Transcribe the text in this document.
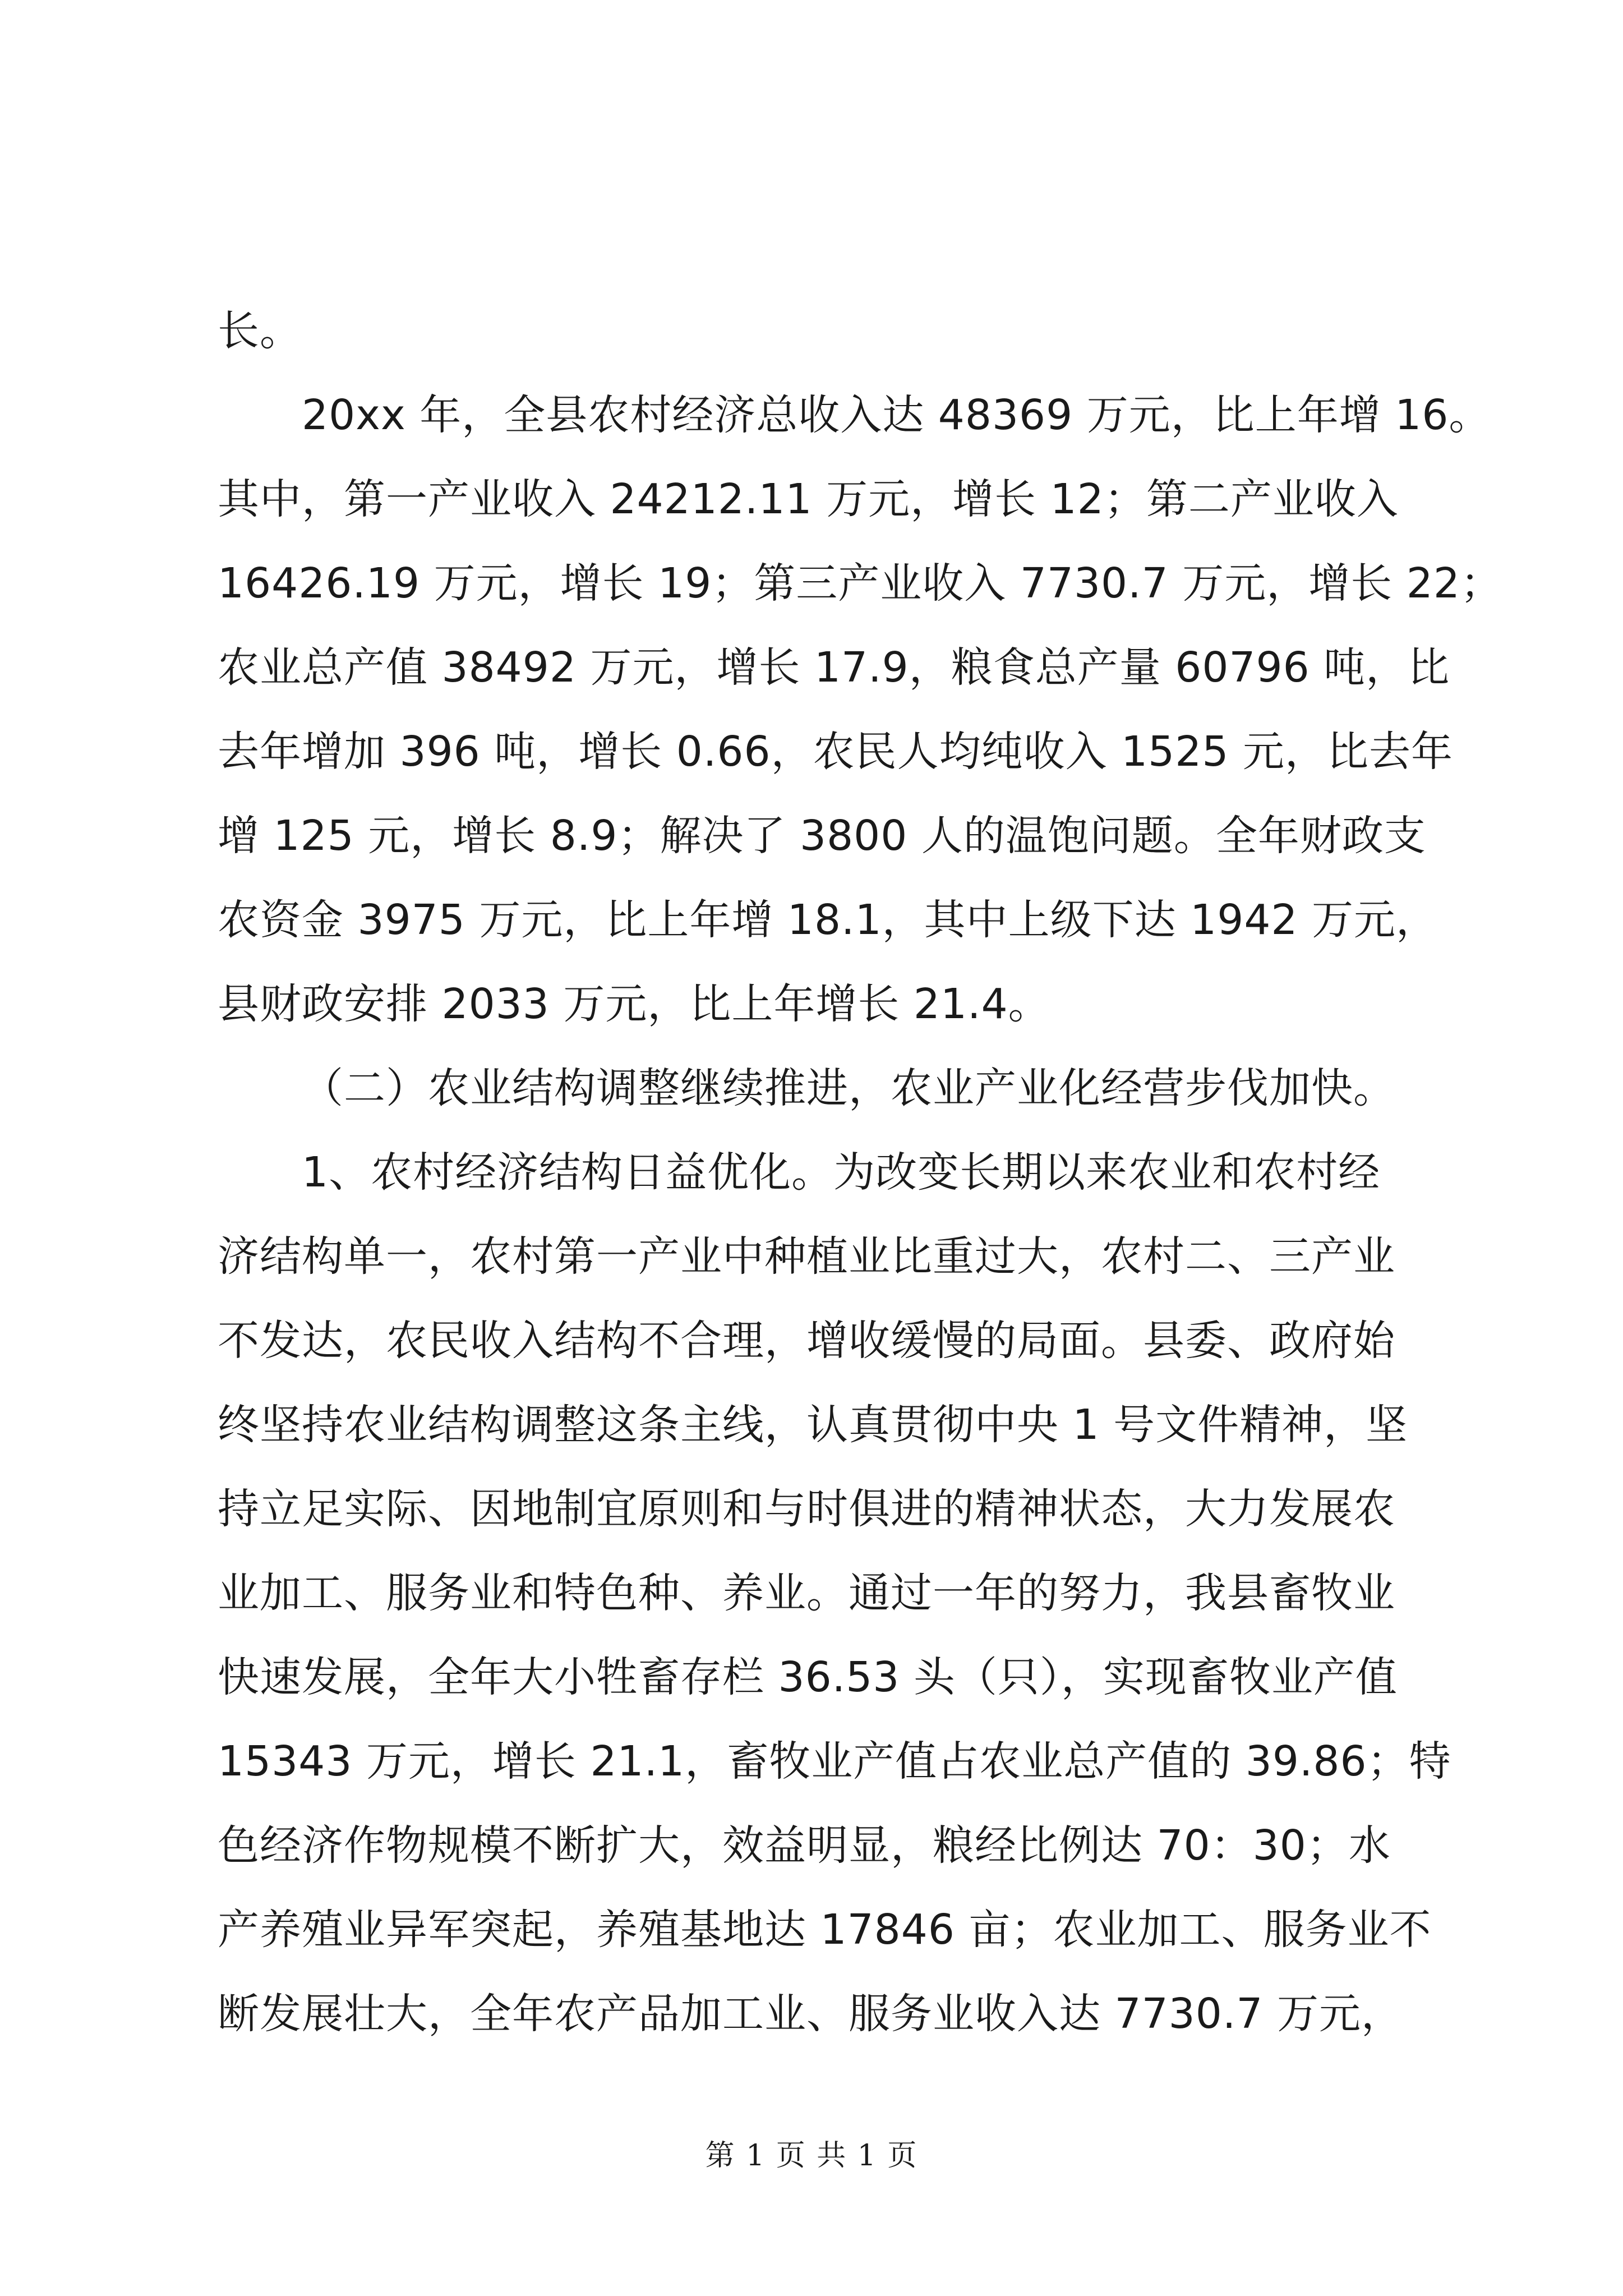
长。
20xx 年，全县农村经济总收入达 48369 万元，比上年增 16。
其中，第一产业收入 24212.11 万元，增长 12；第二产业收入
16426.19 万元，增长 19；第三产业收入 7730.7 万元，增长 22；
农业总产值 38492 万元，增长 17.9，粮食总产量 60796 吨，比
去年增加 396 吨，增长 0.66，农民人均纯收入 1525 元，比去年
增 125 元，增长 8.9；解决了 3800 人的温饱问题。全年财政支
农资金 3975 万元，比上年增 18.1，其中上级下达 1942 万元，
县财政安排 2033 万元，比上年增长 21.4。
（二）农业结构调整继续推进，农业产业化经营步伐加快。
1、农村经济结构日益优化。为改变长期以来农业和农村经
济结构单一，农村第一产业中种植业比重过大，农村二、三产业
不发达，农民收入结构不合理，增收缓慢的局面。县委、政府始
终坚持农业结构调整这条主线，认真贯彻中央 1 号文件精神，坚
持立足实际、因地制宜原则和与时俱进的精神状态，大力发展农
业加工、服务业和特色种、养业。通过一年的努力，我县畜牧业
快速发展，全年大小牲畜存栏 36.53 头（只），实现畜牧业产值
15343 万元，增长 21.1，畜牧业产值占农业总产值的 39.86；特
色经济作物规模不断扩大，效益明显，粮经比例达 70：30；水
产养殖业异军突起，养殖基地达 17846 亩；农业加工、服务业不
断发展壮大，全年农产品加工业、服务业收入达 7730.7 万元，
第 1 页 共 1 页
